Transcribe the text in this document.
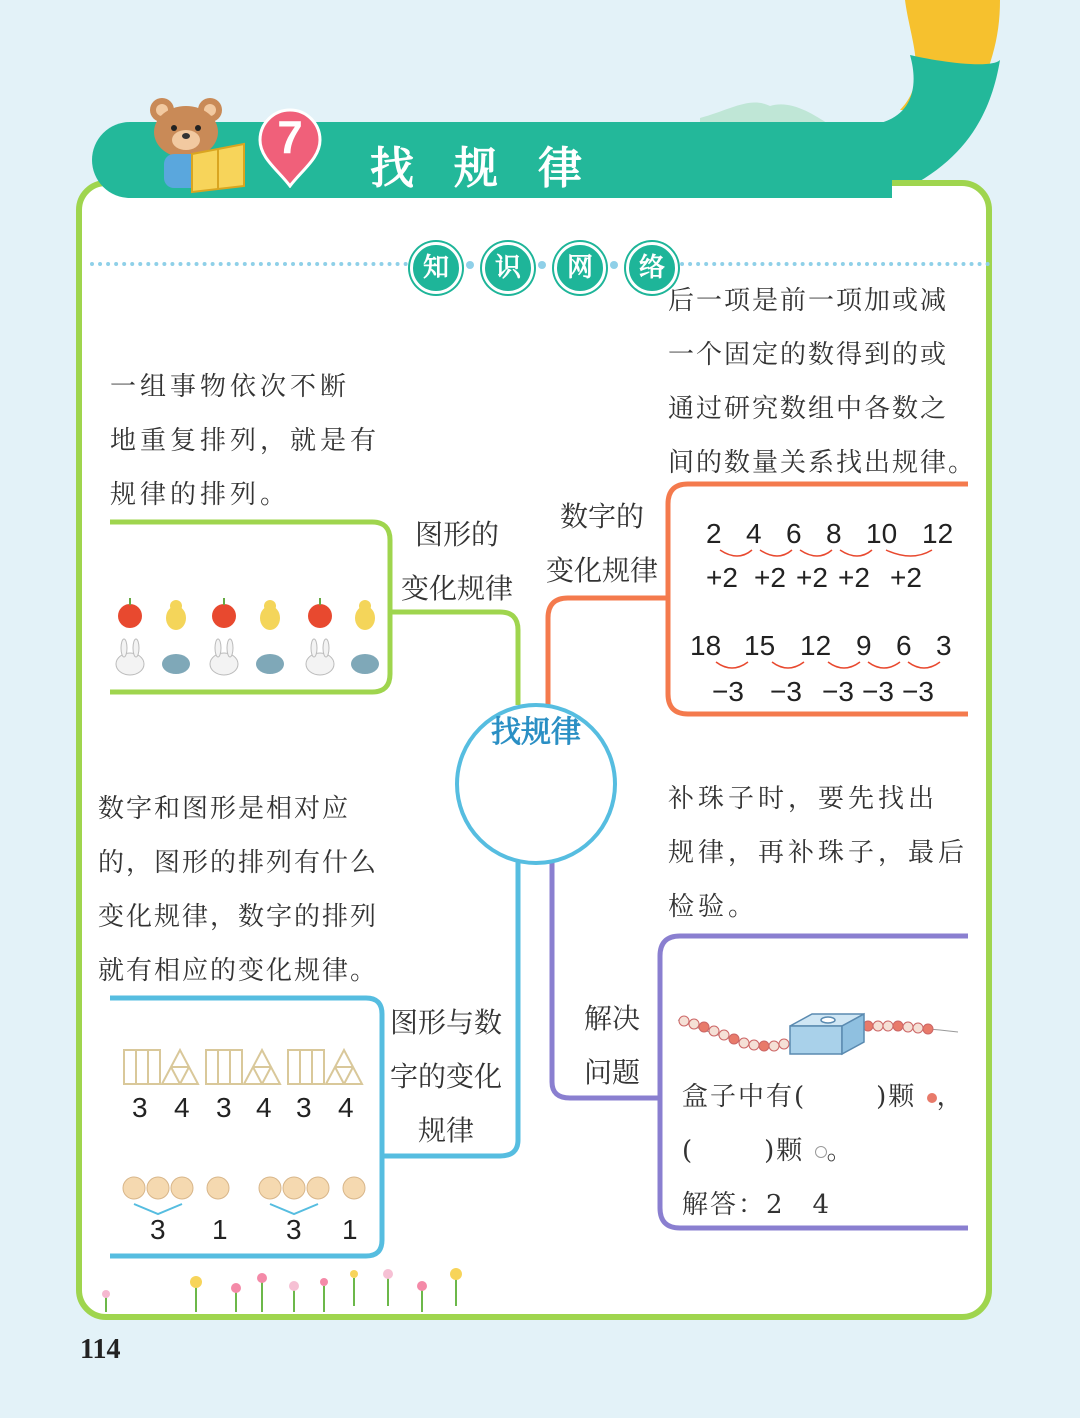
7
找规律
知	识	网	络
找规律
一组事物依次不断
地重复排列，就是有
规律的排列。
图形的
变化规律
后一项是前一项加或减
一个固定的数得到的或
通过研究数组中各数之
间的数量关系找出规律。
数字的
变化规律
2 4 6 8 10 12
+2 +2 +2 +2 +2
18 15 12 9 6 3
−3 −3 −3 −3 −3
数字和图形是相对应
的，图形的排列有什么
变化规律，数字的排列
就有相应的变化规律。
图形与数
字的变化
规律
3 4 3 4 3 4
3 1 3 1
补珠子时，要先找出
规律，再补珠子，最后
检验。
解决
问题
盒子中有(	)颗 ，
(	)颗 。
解答：2　4
114
